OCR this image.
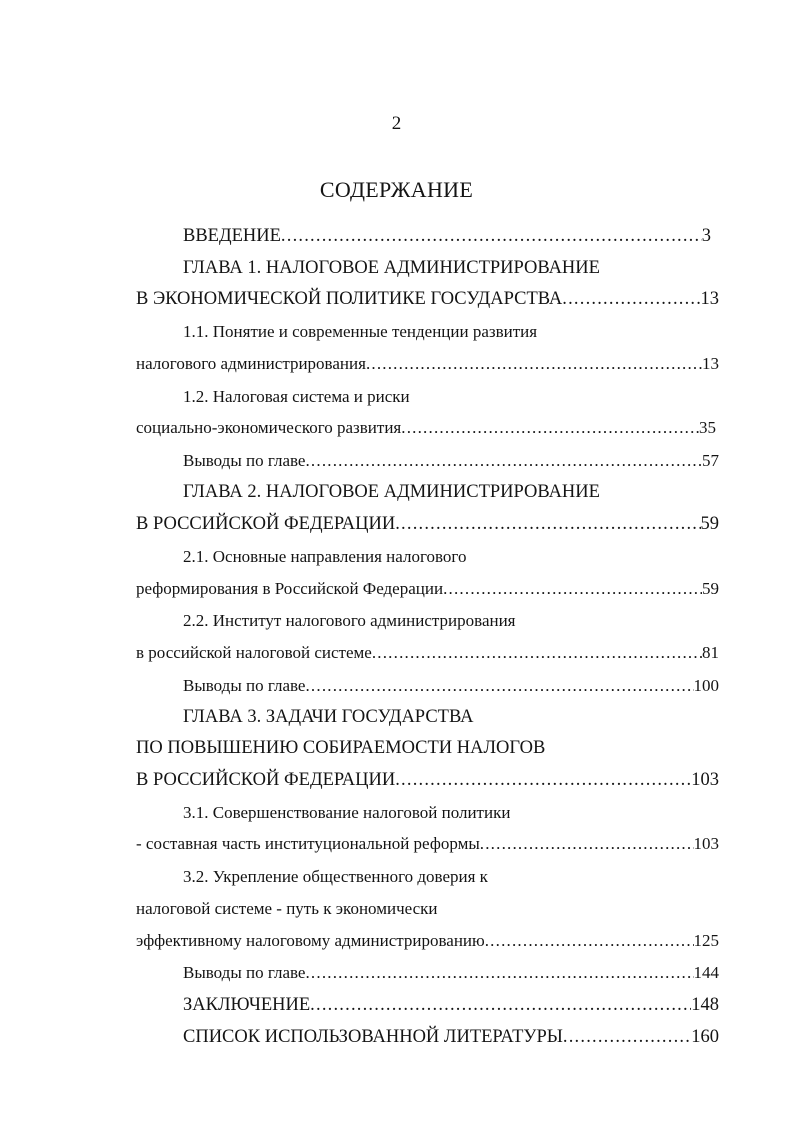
2
СОДЕРЖАНИЕ
ВВЕДЕНИЕ .....	3
ГЛАВА 1. НАЛОГОВОЕ АДМИНИСТРИРОВАНИЕ
В ЭКОНОМИЧЕСКОЙ ПОЛИТИКЕ ГОСУДАРСТВА .....	13
1.1. Понятие и современные тенденции развития
налогового администрирования .....	13
1.2. Налоговая система и риски
социально-экономического развития .....	35
Выводы по главе .....	57
ГЛАВА 2. НАЛОГОВОЕ АДМИНИСТРИРОВАНИЕ
В РОССИЙСКОЙ ФЕДЕРАЦИИ .....	59
2.1. Основные направления налогового
реформирования в Российской Федерации .....	59
2.2. Институт налогового администрирования
в российской налоговой системе .....	81
Выводы по главе .....	100
ГЛАВА 3. ЗАДАЧИ ГОСУДАРСТВА
ПО ПОВЫШЕНИЮ СОБИРАЕМОСТИ НАЛОГОВ
В РОССИЙСКОЙ ФЕДЕРАЦИИ .....	103
3.1. Совершенствование налоговой политики
- составная часть институциональной реформы .....	103
3.2. Укрепление общественного доверия к
налоговой системе - путь к экономически
эффективному налоговому администрированию .....	125
Выводы по главе .....	144
ЗАКЛЮЧЕНИЕ .....	148
СПИСОК ИСПОЛЬЗОВАННОЙ ЛИТЕРАТУРЫ .....	160
